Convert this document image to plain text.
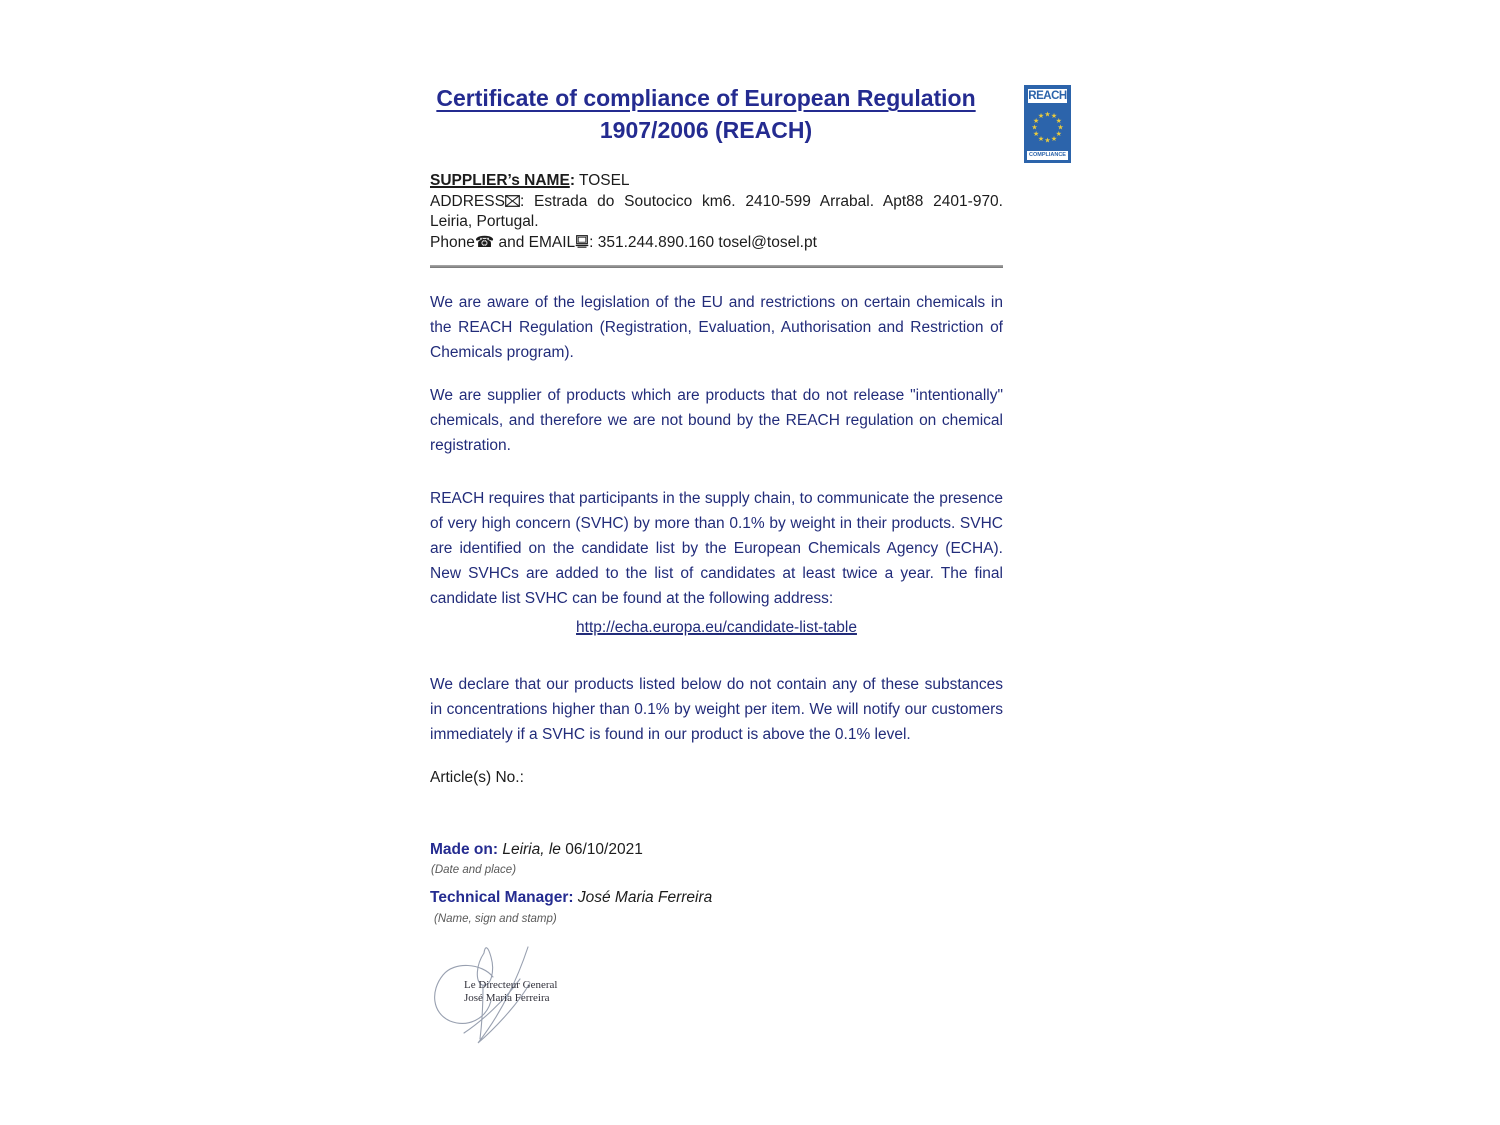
Certificate of compliance of European Regulation
1907/2006 (REACH)
REACH
★ ★
★
★
★
★
★
★
★
★
★
★
COMPLIANCE

SUPPLIER’s NAME: TOSEL

ADDRESS : Estrada do Soutocico km6. 2410-599 Arrabal. Apt88 2401-970. Leiria, Portugal.

Phone☎ and EMAIL : 351.244.890.160 tosel@tosel.pt

We are aware of the legislation of the EU and restrictions on certain chemicals in the REACH Regulation (Registration, Evaluation, Authorisation and Restriction of Chemicals program).

We are supplier of products which are products that do not release "intentionally" chemicals, and therefore we are not bound by the REACH regulation on chemical registration.

REACH requires that participants in the supply chain, to communicate the presence of very high concern (SVHC) by more than 0.1% by weight in their products. SVHC are identified on the candidate list by the European Chemicals Agency (ECHA). New SVHCs are added to the list of candidates at least twice a year. The final candidate list SVHC can be found at the following address:

http://echa.europa.eu/candidate-list-table

We declare that our products listed below do not contain any of these substances in concentrations higher than 0.1% by weight per item. We will notify our customers immediately if a SVHC is found in our product is above the 0.1% level.

Article(s) No.:

Made on: Leiria, le 06/10/2021

(Date and place)

Technical Manager: José Maria Ferreira

(Name, sign and stamp)

Le Directeur General
José Maria Ferreira
